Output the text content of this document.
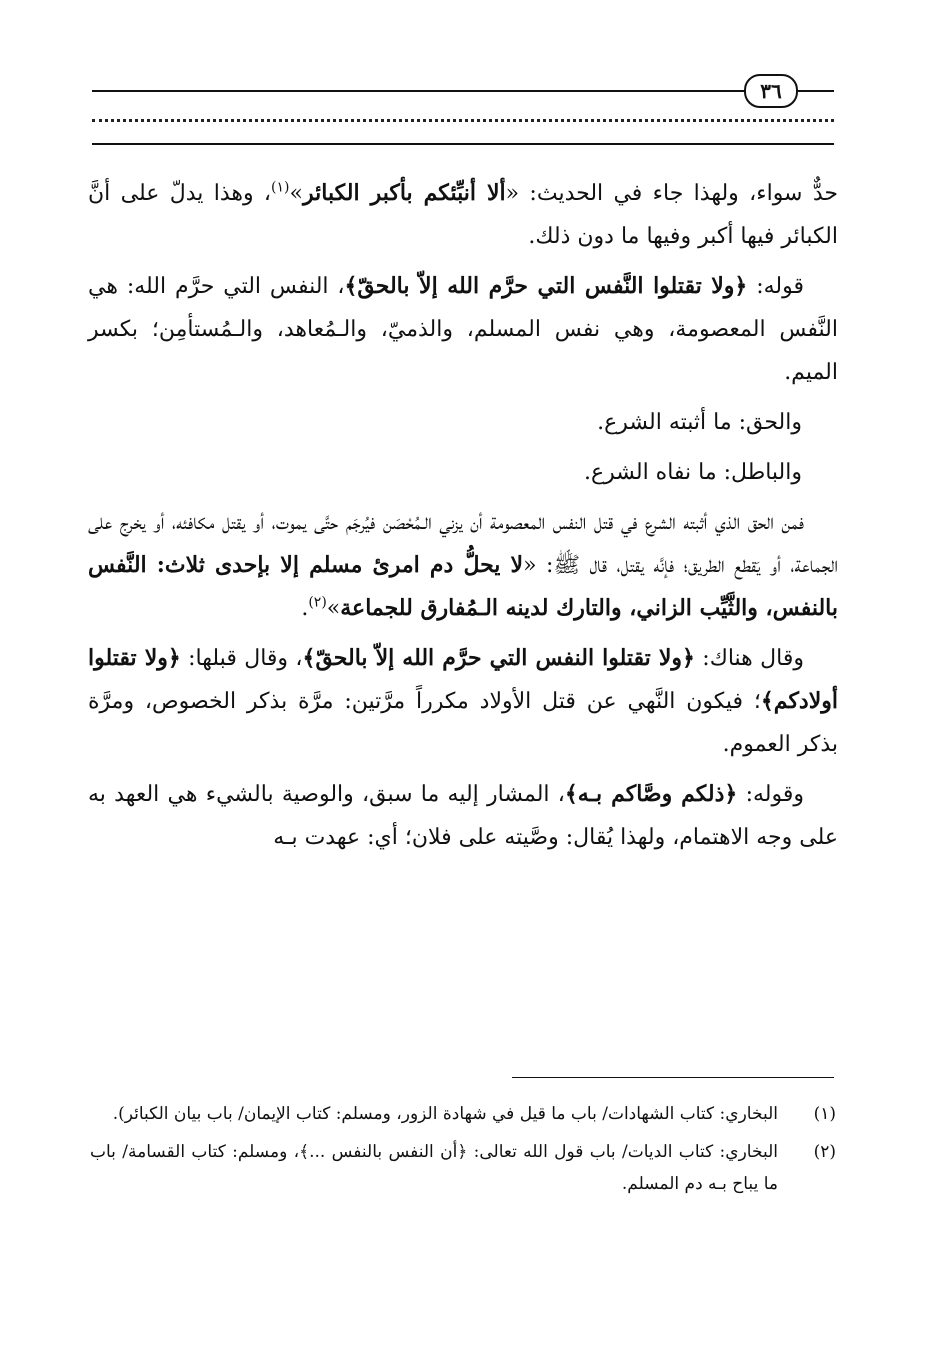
٣٦

حدٌّ سواء، ولهذا جاء في الحديث: «ألا أنبِّئكم بأكبر الكبائر»$^{(١)}$، وهذا يدلّ على أنَّ الكبائر فيها أكبر وفيها ما دون ذلك.

قوله: ﴿ولا تقتلوا النَّفس التي حرَّم الله إلاّ بالحقّ﴾، النفس التي حرَّم الله: هي النَّفس المعصومة، وهي نفس المسلم، والذميّ، والـمُعاهد، والـمُستأمِن؛ بكسر الميم.

والحق: ما أثبته الشرع.

والباطل: ما نفاه الشرع.

فمن الحق الذي أثبته الشرع في قتل النفس المعصومة أن يزني الـمُحْصَن فيُرجَم حتَّى يموت، أو يقتل مكافئه، أو يخرج على الجماعة، أو يَقطع الطريق؛ فإنَّه يقتل، قال ﷺ: «لا يحلُّ دم امرئ مسلم إلا بإحدى ثلاث: النَّفس بالنفس، والثَّيِّب الزاني، والتارك لدينه الـمُفارق للجماعة»$^{(٢)}$.

وقال هناك: ﴿ولا تقتلوا النفس التي حرَّم الله إلاّ بالحقّ﴾، وقال قبلها: ﴿ولا تقتلوا أولادكم﴾؛ فيكون النَّهي عن قتل الأولاد مكرراً مرَّتين: مرَّة بذكر الخصوص، ومرَّة بذكر العموم.

وقوله: ﴿ذلكم وصَّاكم بـه﴾، المشار إليه ما سبق، والوصية بالشيء هي العهد به على وجه الاهتمام، ولهذا يُقال: وصَّيته على فلان؛ أي: عهدت بـه

(١)
البخاري: كتاب الشهادات/ باب ما قيل في شهادة الزور، ومسلم: كتاب الإيمان/ باب بيان الكبائر).
(٢)
البخاري: كتاب الديات/ باب قول الله تعالى: ﴿أن النفس بالنفس ...﴾، ومسلم: كتاب القسامة/ باب ما يباح بـه دم المسلم.
